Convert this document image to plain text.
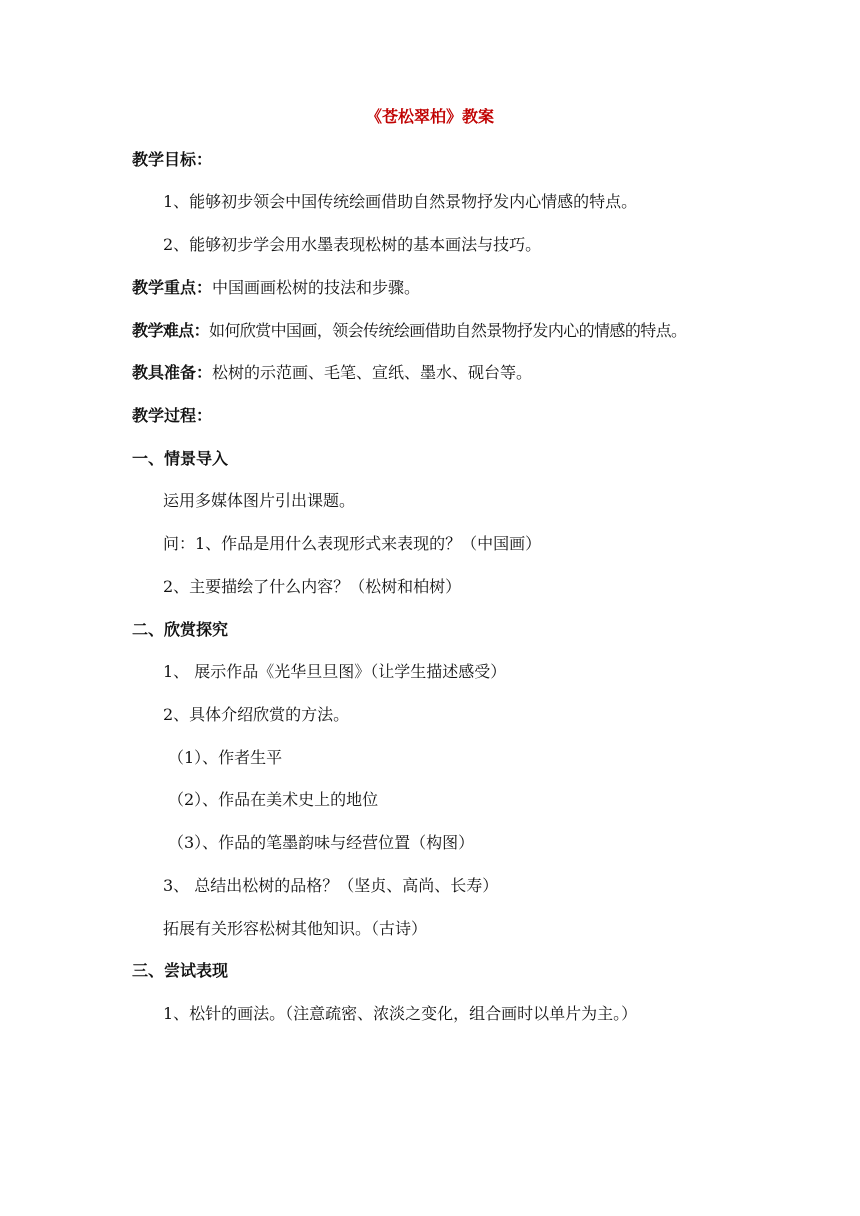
《苍松翠柏》教案
教学目标：
1、能够初步领会中国传统绘画借助自然景物抒发内心情感的特点。
2、能够初步学会用水墨表现松树的基本画法与技巧。
教学重点：中国画画松树的技法和步骤。
教学难点：如何欣赏中国画，领会传统绘画借助自然景物抒发内心的情感的特点。
教具准备：松树的示范画、毛笔、宣纸、墨水、砚台等。
教学过程：
一、情景导入
运用多媒体图片引出课题。
问：1、作品是用什么表现形式来表现的？（中国画）
2、主要描绘了什么内容？（松树和柏树）
二、欣赏探究
1、 展示作品《光华旦旦图》（让学生描述感受）
2、具体介绍欣赏的方法。
（1）、作者生平
（2）、作品在美术史上的地位
（3）、作品的笔墨韵味与经营位置（构图）
3、 总结出松树的品格？（坚贞、高尚、长寿）
拓展有关形容松树其他知识。（古诗）
三、尝试表现
1、松针的画法。（注意疏密、浓淡之变化，组合画时以单片为主。）
